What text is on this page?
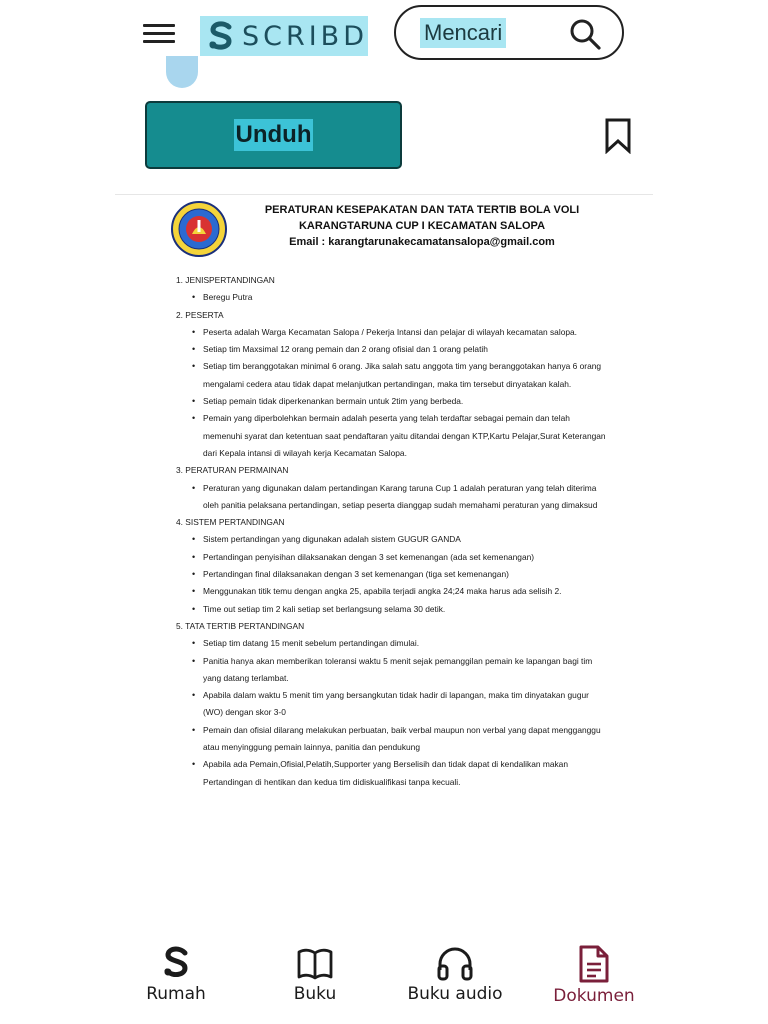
SCRIBD	Mencari
Unduh
PERATURAN KESEPAKATAN DAN TATA TERTIB BOLA VOLI
KARANGTARUNA CUP I KECAMATAN SALOPA
Email : karangtarunakecamatansalopa@gmail.com
1. JENISPERTANDINGAN
• Beregu Putra
2. PESERTA
• Peserta adalah Warga Kecamatan Salopa / Pekerja Intansi dan pelajar di wilayah kecamatan salopa.
• Setiap tim Maxsimal 12 orang pemain dan 2 orang ofisial dan 1 orang pelatih
• Setiap tim beranggotakan minimal 6 orang. Jika salah satu anggota tim yang beranggotakan hanya 6 orang mengalami cedera atau tidak dapat melanjutkan pertandingan, maka tim tersebut dinyatakan kalah.
• Setiap pemain tidak diperkenankan bermain untuk 2tim yang berbeda.
• Pemain yang diperbolehkan bermain adalah peserta yang telah terdaftar sebagai pemain dan telah memenuhi syarat dan ketentuan saat pendaftaran yaitu ditandai dengan KTP,Kartu Pelajar,Surat Keterangan dari Kepala intansi di wilayah kerja Kecamatan Salopa.
3. PERATURAN PERMAINAN
• Peraturan yang digunakan dalam pertandingan Karang taruna Cup 1 adalah peraturan yang telah diterima oleh panitia pelaksana pertandingan, setiap peserta dianggap sudah memahami peraturan yang dimaksud
4. SISTEM PERTANDINGAN
• Sistem pertandingan yang digunakan adalah sistem GUGUR GANDA
• Pertandingan penyisihan dilaksanakan dengan 3 set kemenangan (ada set kemenangan)
• Pertandingan final dilaksanakan dengan 3 set kemenangan (tiga set kemenangan)
• Menggunakan titik temu dengan angka 25, apabila terjadi angka 24;24 maka harus ada selisih 2.
• Time out setiap tim 2 kali setiap set berlangsung selama 30 detik.
5. TATA TERTIB PERTANDINGAN
• Setiap tim datang 15 menit sebelum pertandingan dimulai.
• Panitia hanya akan memberikan toleransi waktu 5 menit sejak pemanggilan pemain ke lapangan bagi tim yang datang terlambat.
• Apabila dalam waktu 5 menit tim yang bersangkutan tidak hadir di lapangan, maka tim dinyatakan gugur (WO) dengan skor 3-0
• Pemain dan ofisial dilarang melakukan perbuatan, baik verbal maupun non verbal yang dapat mengganggu atau menyinggung pemain lainnya, panitia dan pendukung
• Apabila ada Pemain,Ofisial,Pelatih,Supporter yang Berselisih dan tidak dapat di kendalikan makan Pertandingan di hentikan dan kedua tim didiskualifikasi tanpa kecuali.
Rumah	Buku	Buku audio	Dokumen
